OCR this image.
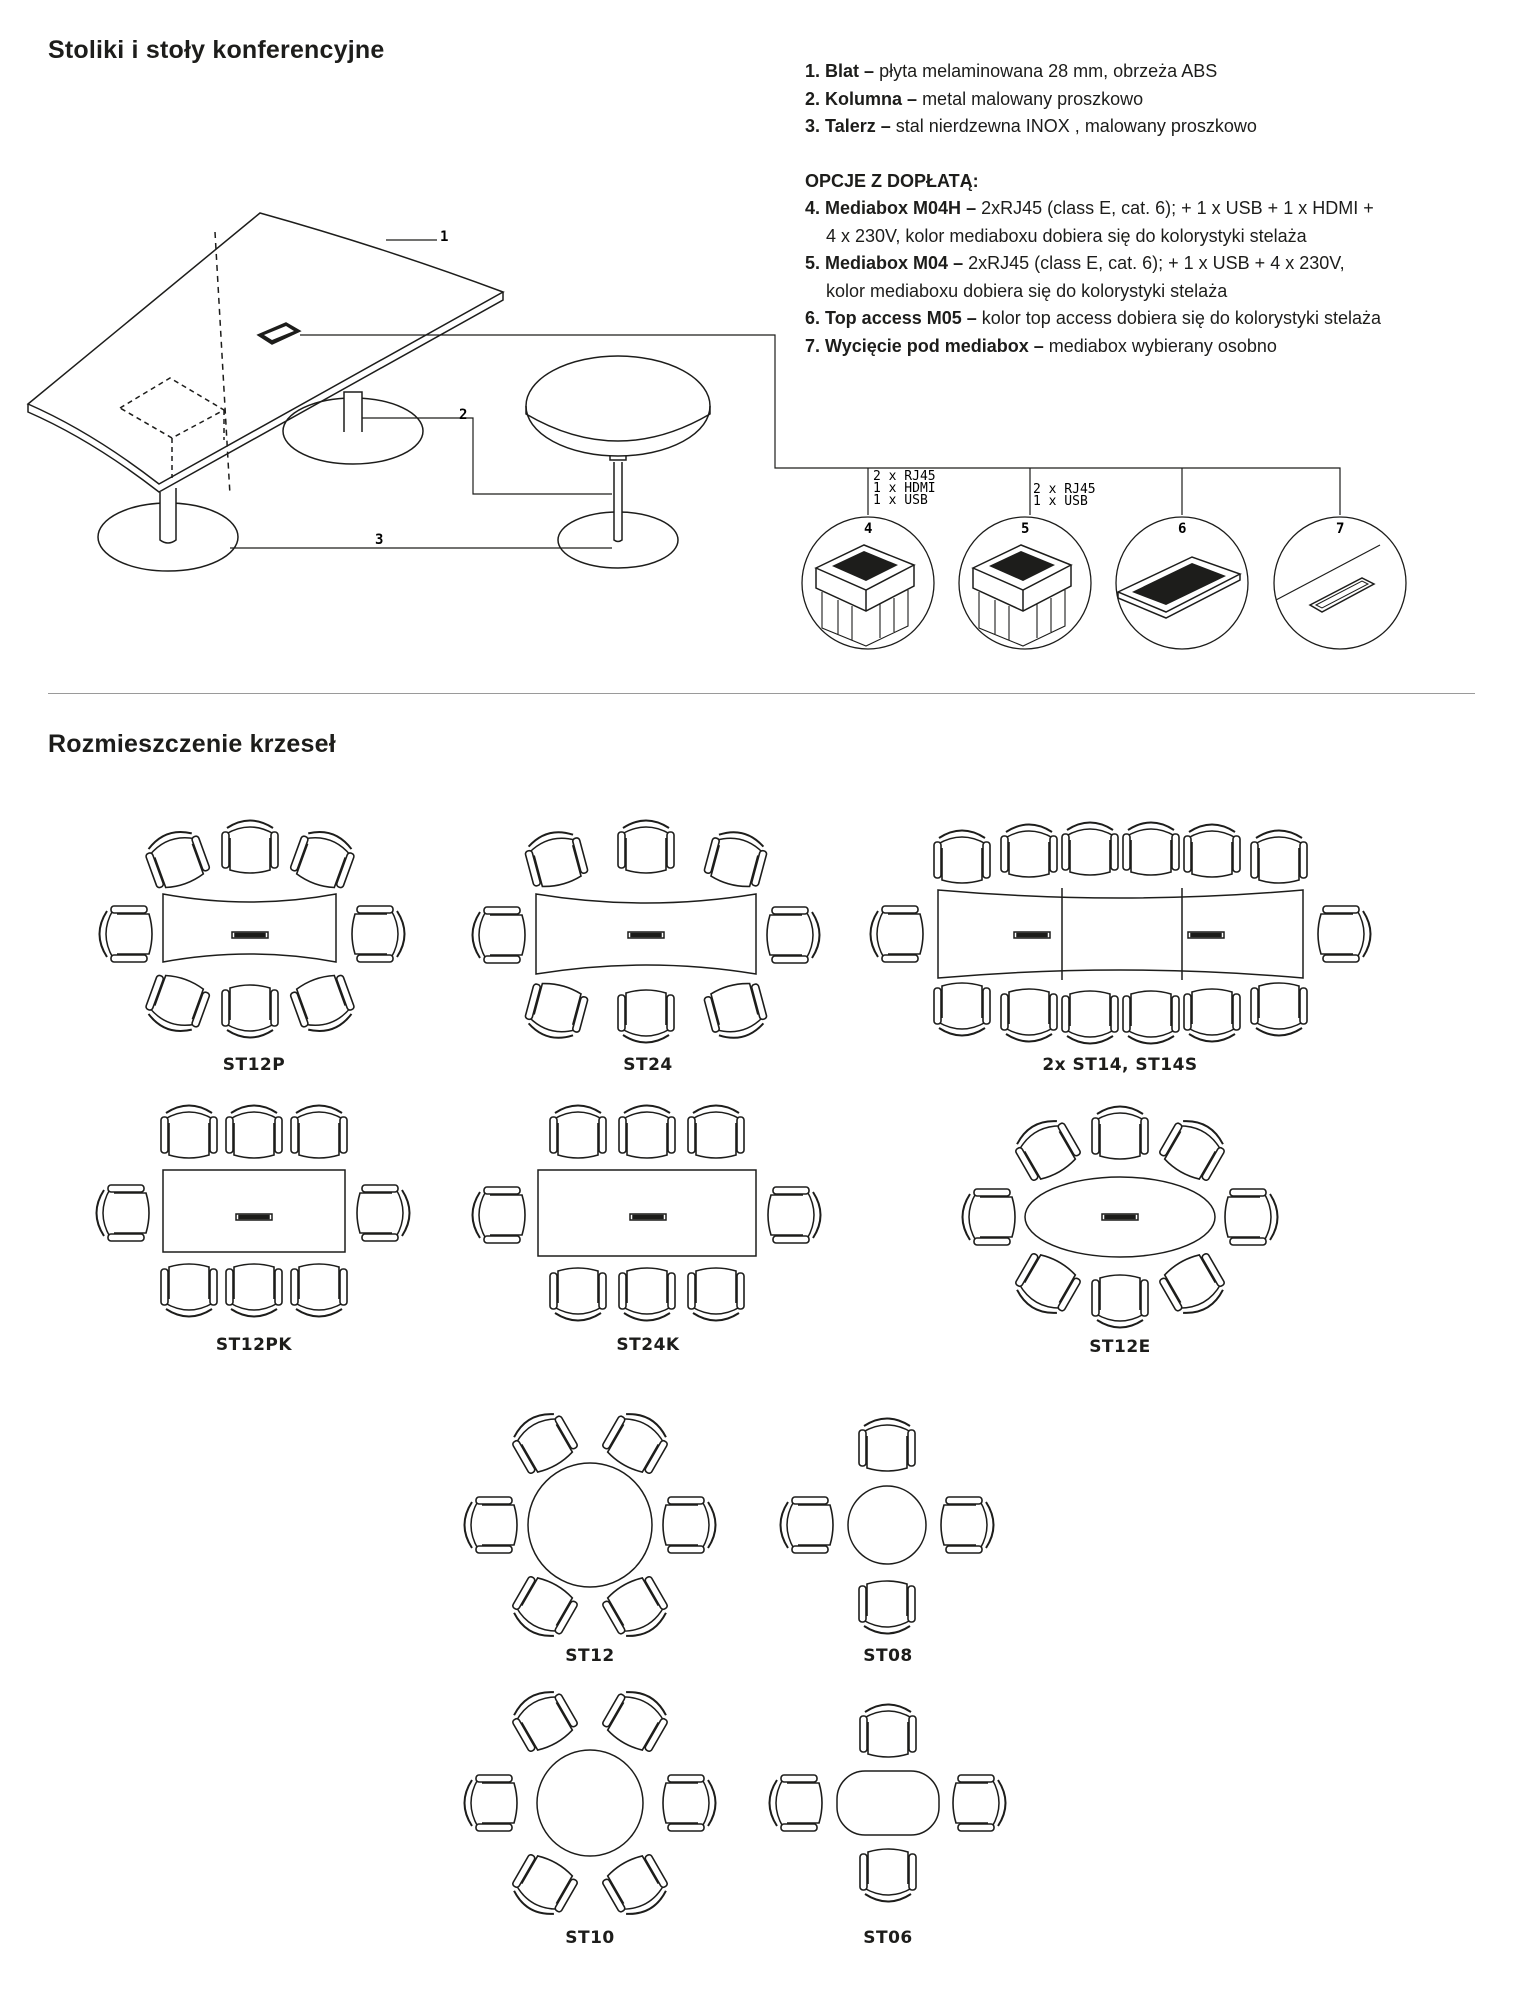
Stoliki i stoły konferencyjne
1. Blat – płyta melaminowana 28 mm, obrzeża ABS
2. Kolumna – metal malowany proszkowo
3. Talerz – stal nierdzewna INOX , malowany proszkowo
OPCJE Z DOPŁATĄ:
4. Mediabox M04H – 2xRJ45 (class E, cat. 6); + 1 x USB + 1 x HDMI +
4 x 230V, kolor mediaboxu dobiera się do kolorystyki stelaża
5. Mediabox M04 – 2xRJ45 (class E, cat. 6); + 1 x USB + 4 x 230V,
kolor mediaboxu dobiera się do kolorystyki stelaża
6. Top access M05 – kolor top access dobiera się do kolorystyki stelaża
7. Wycięcie pod mediabox – mediabox wybierany osobno
Rozmieszczenie krzeseł
1
2
3
2 x RJ45
1 x HDMI
1 x USB
4
2 x RJ45
1 x USB
5	6	7
ST12P	ST24	2x ST14, ST14S
ST12PK	ST24K	ST12E
ST12	ST08
ST10	ST06
